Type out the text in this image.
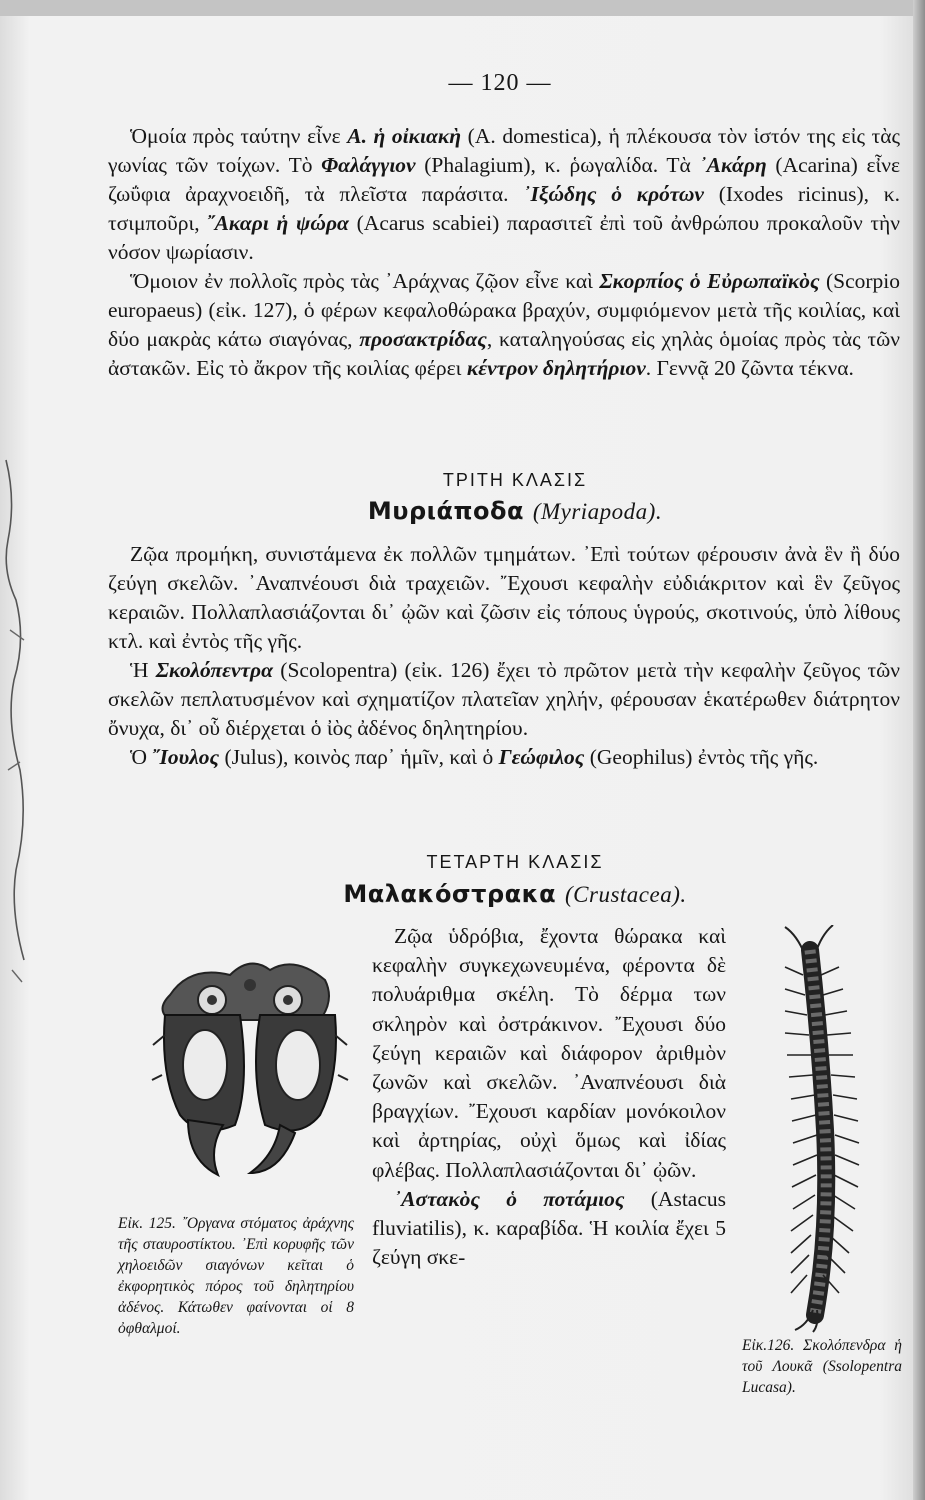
— 120 —

Ὁμοία πρὸς ταύτην εἶνε Α. ἡ οἰκιακὴ (A. domestica), ἡ πλέκουσα τὸν ἱστόν της εἰς τὰς γωνίας τῶν τοίχων. Τὸ Φαλάγγιον (Phalagium), κ. ῥωγαλίδα. Τὰ ᾿Ακάρη (Acarina) εἶνε ζωΰφια ἀραχνοειδῆ, τὰ πλεῖστα παράσιτα. ᾿Ιξώδης ὁ κρότων (Ixodes ricinus), κ. τσιμποῦρι, ῎Ακαρι ἡ ψώρα (Acarus scabiei) παρασιτεῖ ἐπὶ τοῦ ἀνθρώπου προκαλοῦν τὴν νόσον ψωρίασιν.

Ὅμοιον ἐν πολλοῖς πρὸς τὰς ᾿Αράχνας ζῷον εἶνε καὶ Σκορπίος ὁ Εὐρωπαϊκὸς (Scorpio europaeus) (εἰκ. 127), ὁ φέρων κεφαλοθώρακα βραχύν, συμφιόμενον μετὰ τῆς κοιλίας, καὶ δύο μακρὰς κάτω σιαγόνας, προσακτρίδας, καταληγούσας εἰς χηλὰς ὁμοίας πρὸς τὰς τῶν ἀστακῶν. Εἰς τὸ ἄκρον τῆς κοιλίας φέρει κέντρον δηλητήριον. Γεννᾷ 20 ζῶντα τέκνα.

ΤΡΙΤΗ ΚΛΑΣΙΣ
Μυριάποδα (Myriapoda).

Ζῷα προμήκη, συνιστάμενα ἐκ πολλῶν τμημάτων. ᾿Επὶ τούτων φέρουσιν ἀνὰ ἓν ἢ δύο ζεύγη σκελῶν. ᾿Αναπνέουσι διὰ τραχειῶν. ῎Εχουσι κεφαλὴν εὐδιάκριτον καὶ ἓν ζεῦγος κεραιῶν. Πολλαπλασιάζονται δι᾿ ᾠῶν καὶ ζῶσιν εἰς τόπους ὑγρούς, σκοτινούς, ὑπὸ λίθους κτλ. καὶ ἐντὸς τῆς γῆς.

Ἡ Σκολόπεντρα (Scolopentra) (εἰκ. 126) ἔχει τὸ πρῶτον μετὰ τὴν κεφαλὴν ζεῦγος τῶν σκελῶν πεπλατυσμένον καὶ σχηματίζον πλατεῖαν χηλήν, φέρουσαν ἑκατέρωθεν διάτρητον ὄνυχα, δι᾿ οὗ διέρχεται ὁ ἰὸς ἀδένος δηλητηρίου.

Ὁ ῎Ιουλος (Julus), κοινὸς παρ᾿ ἡμῖν, καὶ ὁ Γεώφιλος (Geophilus) ἐντὸς τῆς γῆς.

ΤΕΤΑΡΤΗ ΚΛΑΣΙΣ
Μαλακόστρακα (Crustacea).
Εἰκ. 125. ῎Οργανα στόματος ἀράχνης τῆς σταυροστίκτου. ᾿Επὶ κορυφῆς τῶν χηλοειδῶν σιαγόνων κεῖται ὁ ἐκφορητικὸς πόρος τοῦ δηλητηρίου ἀδένος. Κάτωθεν φαίνονται οἱ 8 ὀφθαλμοί.

Ζῷα ὑδρόβια, ἔχοντα θώρακα καὶ κεφαλὴν συγκεχωνευμένα, φέροντα δὲ πολυάριθμα σκέλη. Τὸ δέρμα των σκληρὸν καὶ ὀστράκινον. ῎Εχουσι δύο ζεύγη κεραιῶν καὶ διάφορον ἀριθμὸν ζωνῶν καὶ σκελῶν. ᾿Αναπνέουσι διὰ βραγχίων. ῎Εχουσι καρδίαν μονόκοιλον καὶ ἀρτηρίας, οὐχὶ ὅμως καὶ ἰδίας φλέβας. Πολλαπλασιάζονται δι᾿ ᾠῶν.

᾿Αστακὸς ὁ ποτάμιος (Astacus fluviatilis), κ. καραβίδα. Ἡ κοιλία ἔχει 5 ζεύγη σκε-

Εἰκ.126. Σκολόπενδρα ἡ τοῦ Λουκᾶ (Ssolopentra Lucasa).
